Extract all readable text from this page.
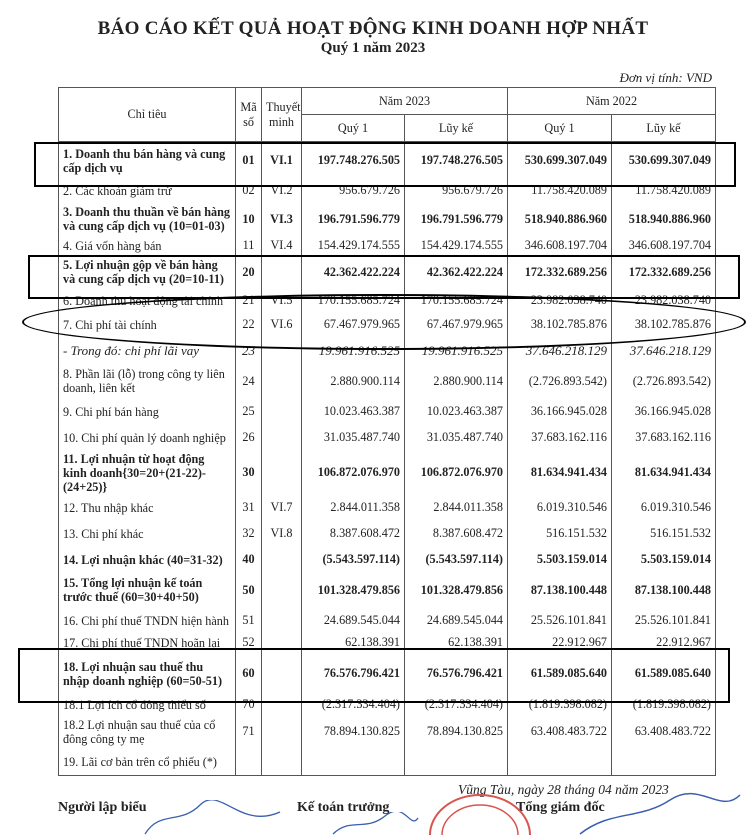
BÁO CÁO KẾT QUẢ HOẠT ĐỘNG KINH DOANH HỢP NHẤT
Quý 1 năm 2023
Đơn vị tính: VND
Chỉ tiêu	Mã số	Thuyết minh	Năm 2023		Năm 2022	
			Quý 1	Lũy kế	Quý 1	Lũy kế
1. Doanh thu bán hàng và cung cấp dịch vụ	01	VI.1	197.748.276.505	197.748.276.505	530.699.307.049	530.699.307.049
2. Các khoản giảm trừ	02	VI.2	956.679.726	956.679.726	11.758.420.089	11.758.420.089
3. Doanh thu thuần về bán hàng và cung cấp dịch vụ (10=01-03)	10	VI.3	196.791.596.779	196.791.596.779	518.940.886.960	518.940.886.960
4. Giá vốn hàng bán	11	VI.4	154.429.174.555	154.429.174.555	346.608.197.704	346.608.197.704
5. Lợi nhuận gộp về bán hàng và cung cấp dịch vụ (20=10-11)	20		42.362.422.224	42.362.422.224	172.332.689.256	172.332.689.256
6. Doanh thu hoạt động tài chính	21	VI.5	170.155.685.724	170.155.685.724	23.982.038.740	23.982.038.740
7. Chi phí tài chính	22	VI.6	67.467.979.965	67.467.979.965	38.102.785.876	38.102.785.876
- Trong đó: chi phí lãi vay	23		19.961.916.525	19.961.916.525	37.646.218.129	37.646.218.129
8. Phần lãi (lỗ) trong công ty liên doanh, liên kết	24		2.880.900.114	2.880.900.114	(2.726.893.542)	(2.726.893.542)
9. Chi phí bán hàng	25		10.023.463.387	10.023.463.387	36.166.945.028	36.166.945.028
10. Chi phí quản lý doanh nghiệp	26		31.035.487.740	31.035.487.740	37.683.162.116	37.683.162.116
11. Lợi nhuận từ hoạt động kinh doanh{30=20+(21-22)-(24+25)}	30		106.872.076.970	106.872.076.970	81.634.941.434	81.634.941.434
12. Thu nhập khác	31	VI.7	2.844.011.358	2.844.011.358	6.019.310.546	6.019.310.546
13. Chi phí khác	32	VI.8	8.387.608.472	8.387.608.472	516.151.532	516.151.532
14. Lợi nhuận khác (40=31-32)	40		(5.543.597.114)	(5.543.597.114)	5.503.159.014	5.503.159.014
15. Tổng lợi nhuận kế toán trước thuế (60=30+40+50)	50		101.328.479.856	101.328.479.856	87.138.100.448	87.138.100.448
16. Chi phí thuế TNDN hiện hành	51		24.689.545.044	24.689.545.044	25.526.101.841	25.526.101.841
17. Chi phí thuế TNDN hoãn lại	52		62.138.391	62.138.391	22.912.967	22.912.967
18. Lợi nhuận sau thuế thu nhập doanh nghiệp (60=50-51)	60		76.576.796.421	76.576.796.421	61.589.085.640	61.589.085.640
18.1 Lợi ích cổ đông thiểu số	70		(2.317.334.404)	(2.317.334.404)	(1.819.398.082)	(1.819.398.082)
18.2 Lợi nhuận sau thuế của cổ đông công ty mẹ	71		78.894.130.825	78.894.130.825	63.408.483.722	63.408.483.722
19. Lãi cơ bản trên cổ phiếu (*)						
Vũng Tàu, ngày 28 tháng 04 năm 2023
Người lập biểu	Kế toán trưởng	Tổng giám đốc
